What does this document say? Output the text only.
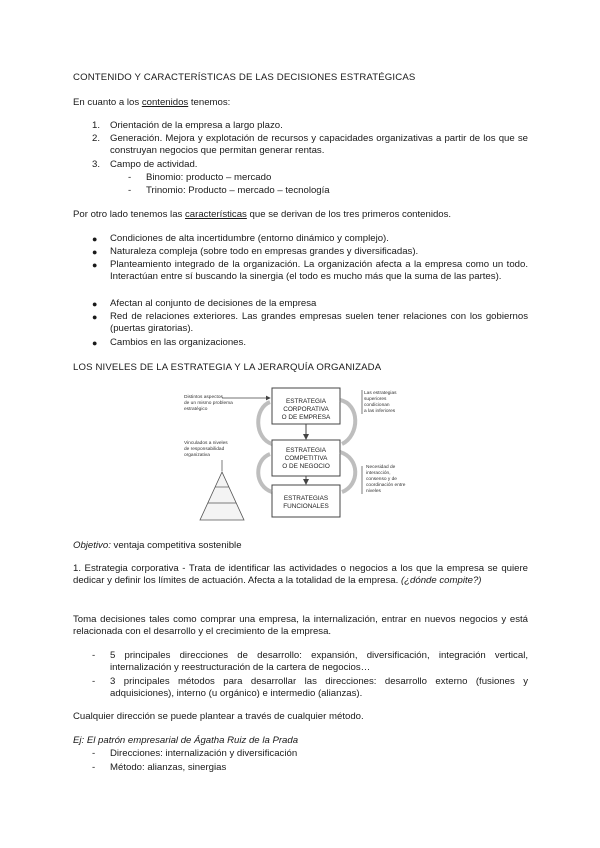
CONTENIDO Y CARACTERÍSTICAS DE LAS DECISIONES ESTRATÉGICAS
En cuanto a los contenidos tenemos:
1. Orientación de la empresa a largo plazo.
2. Generación. Mejora y explotación de recursos y capacidades organizativas a partir de los que se construyan negocios que permitan generar rentas.
3. Campo de actividad.
- Binomio: producto – mercado
- Trinomio: Producto – mercado – tecnología
Por otro lado tenemos las características que se derivan de los tres primeros contenidos.
● Condiciones de alta incertidumbre (entorno dinámico y complejo).
● Naturaleza compleja (sobre todo en empresas grandes y diversificadas).
● Planteamiento integrado de la organización. La organización afecta a la empresa como un todo. Interactúan entre sí buscando la sinergia (el todo es mucho más que la suma de las partes).
● Afectan al conjunto de decisiones de la empresa
● Red de relaciones exteriores. Las grandes empresas suelen tener relaciones con los gobiernos (puertas giratorias).
● Cambios en las organizaciones.
LOS NIVELES DE LA ESTRATEGIA Y LA JERARQUÍA ORGANIZADA
ESTRATEGIA
CORPORATIVA
O DE EMPRESA
ESTRATEGIA
COMPETITIVA
O DE NEGOCIO
ESTRATEGIAS
FUNCIONALES
Distintos aspectos
de un mismo problema
estratégico
Vinculados a niveles
de responsabilidad
organizativa
Las estrategias
superiores
condicionan
a las inferiores
Necesidad de
interacción,
consenso y de
coordinación entre
niveles
Objetivo: ventaja competitiva sostenible
1. Estrategia corporativa - Trata de identificar las actividades o negocios a los que la empresa se quiere dedicar y definir los límites de actuación. Afecta a la totalidad de la empresa. (¿dónde compite?)
Toma decisiones tales como comprar una empresa, la internalización, entrar en nuevos negocios y está relacionada con el desarrollo y el crecimiento de la empresa.
- 5 principales direcciones de desarrollo: expansión, diversificación, integración vertical, internalización y reestructuración de la cartera de negocios…
- 3 principales métodos para desarrollar las direcciones: desarrollo externo (fusiones y adquisiciones), interno (u orgánico) e intermedio (alianzas).
Cualquier dirección se puede plantear a través de cualquier método.
Ej: El patrón empresarial de Ágatha Ruiz de la Prada
- Direcciones: internalización y diversificación
- Método: alianzas, sinergias
